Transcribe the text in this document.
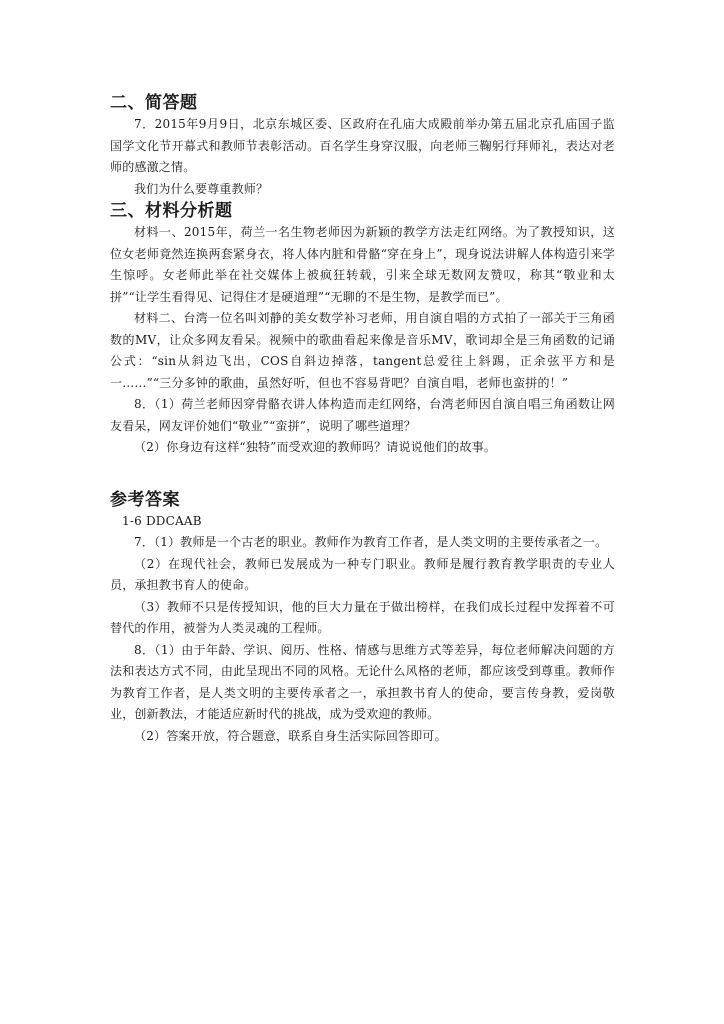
二、简答题

7．2015年9月9日，北京东城区委、区政府在孔庙大成殿前举办第五届北京孔庙国子监国学文化节开幕式和教师节表彰活动。百名学生身穿汉服，向老师三鞠躬行拜师礼，表达对老师的感激之情。

我们为什么要尊重教师？

三、材料分析题

材料一、2015年，荷兰一名生物老师因为新颖的教学方法走红网络。为了教授知识，这位女老师竟然连换两套紧身衣，将人体内脏和骨骼“穿在身上”，现身说法讲解人体构造引来学生惊呼。女老师此举在社交媒体上被疯狂转载，引来全球无数网友赞叹，称其“敬业和太拼”“让学生看得见、记得住才是硬道理”“无聊的不是生物，是教学而已”。

材料二、台湾一位名叫刘静的美女数学补习老师，用自演自唱的方式拍了一部关于三角函数的MV，让众多网友看呆。视频中的歌曲看起来像是音乐MV，歌词却全是三角函数的记诵公式：“sin从斜边飞出，COS自斜边掉落，tangent总爱往上斜踢，正余弦平方和是一……”“三分多钟的歌曲，虽然好听，但也不容易背吧？自演自唱，老师也蛮拼的！”

8．（1）荷兰老师因穿骨骼衣讲人体构造而走红网络，台湾老师因自演自唱三角函数让网友看呆，网友评价她们“敬业”“蛮拼”，说明了哪些道理？

（2）你身边有这样“独特”而受欢迎的教师吗？请说说他们的故事。

参考答案

1-6 DDCAAB

7．（1）教师是一个古老的职业。教师作为教育工作者，是人类文明的主要传承者之一。

（2）在现代社会，教师已发展成为一种专门职业。教师是履行教育教学职责的专业人员，承担教书育人的使命。

（3）教师不只是传授知识，他的巨大力量在于做出榜样，在我们成长过程中发挥着不可替代的作用，被誉为人类灵魂的工程师。

8．（1）由于年龄、学识、阅历、性格、情感与思维方式等差异，每位老师解决问题的方法和表达方式不同，由此呈现出不同的风格。无论什么风格的老师，都应该受到尊重。教师作为教育工作者，是人类文明的主要传承者之一，承担教书育人的使命，要言传身教，爱岗敬业，创新教法，才能适应新时代的挑战，成为受欢迎的教师。

（2）答案开放，符合题意，联系自身生活实际回答即可。
